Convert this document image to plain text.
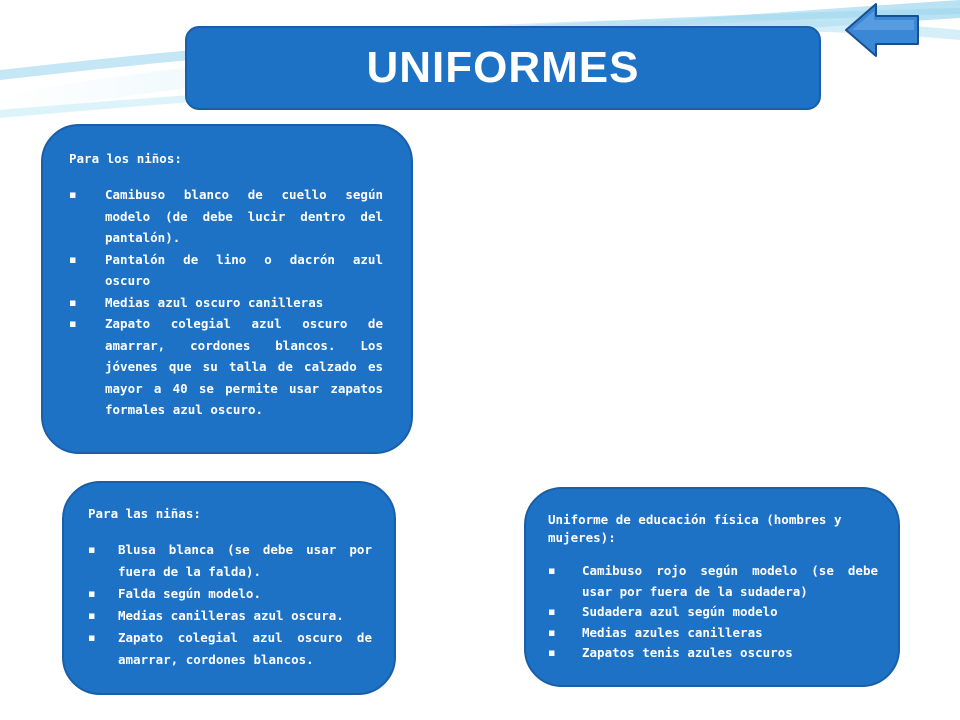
UNIFORMES
Para los niños:
▪ Camibuso blanco de cuello según modelo (de debe lucir dentro del pantalón).
▪ Pantalón de lino o dacrón azul oscuro
▪ Medias azul oscuro canilleras
▪ Zapato colegial azul oscuro de amarrar, cordones blancos. Los jóvenes que su talla de calzado es mayor a 40 se permite usar zapatos formales azul oscuro.
Para las niñas:
▪ Blusa blanca (se debe usar por fuera de la falda).
▪ Falda según modelo.
▪ Medias canilleras azul oscura.
▪ Zapato colegial azul oscuro de amarrar, cordones blancos.
Uniforme de educación física (hombres y mujeres):
▪ Camibuso rojo según modelo (se debe usar por fuera de la sudadera)
▪ Sudadera azul según modelo
▪ Medias azules canilleras
▪ Zapatos tenis azules oscuros
